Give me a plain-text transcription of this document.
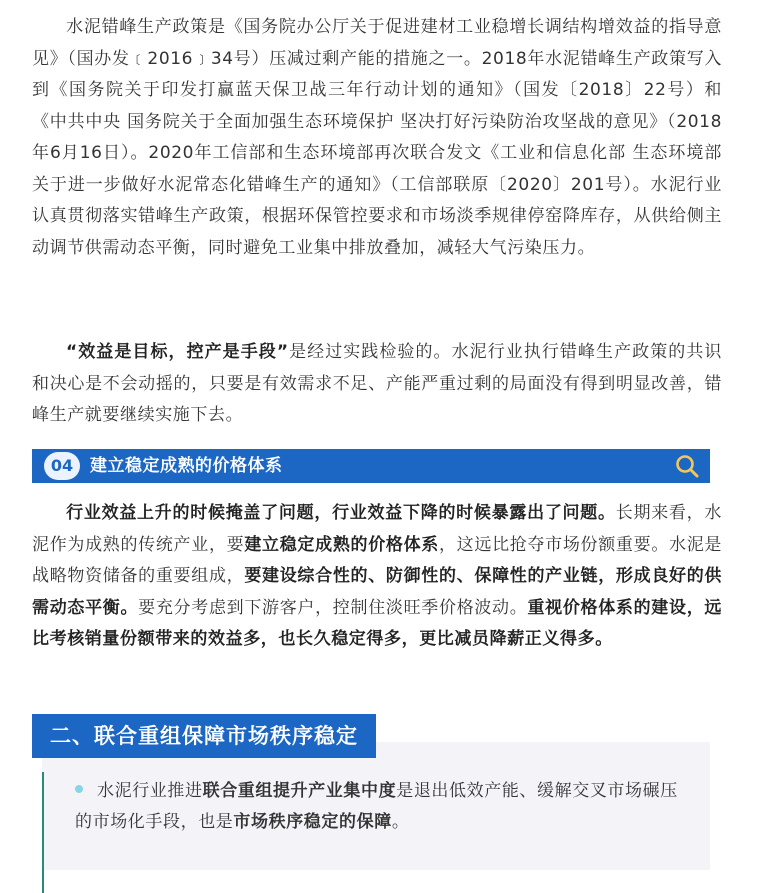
水泥错峰生产政策是《国务院办公厅关于促进建材工业稳增长调结构增效益的指导意见》（国办发﹝2016﹞34号）压减过剩产能的措施之一。2018年水泥错峰生产政策写入到《国务院关于印发打赢蓝天保卫战三年行动计划的通知》（国发〔2018〕22号）和《中共中央 国务院关于全面加强生态环境保护 坚决打好污染防治攻坚战的意见》（2018年6月16日）。2020年工信部和生态环境部再次联合发文《工业和信息化部 生态环境部关于进一步做好水泥常态化错峰生产的通知》（工信部联原〔2020〕201号）。水泥行业认真贯彻落实错峰生产政策，根据环保管控要求和市场淡季规律停窑降库存，从供给侧主动调节供需动态平衡，同时避免工业集中排放叠加，减轻大气污染压力。

“效益是目标，控产是手段”是经过实践检验的。水泥行业执行错峰生产政策的共识和决心是不会动摇的，只要是有效需求不足、产能严重过剩的局面没有得到明显改善，错峰生产就要继续实施下去。

04 建立稳定成熟的价格体系

行业效益上升的时候掩盖了问题，行业效益下降的时候暴露出了问题。长期来看，水泥作为成熟的传统产业，要建立稳定成熟的价格体系，这远比抢夺市场份额重要。水泥是战略物资储备的重要组成，要建设综合性的、防御性的、保障性的产业链，形成良好的供需动态平衡。要充分考虑到下游客户，控制住淡旺季价格波动。重视价格体系的建设，远比考核销量份额带来的效益多，也长久稳定得多，更比减员降薪正义得多。

二、联合重组保障市场秩序稳定

水泥行业推进联合重组提升产业集中度是退出低效产能、缓解交叉市场碾压的市场化手段，也是市场秩序稳定的保障。
